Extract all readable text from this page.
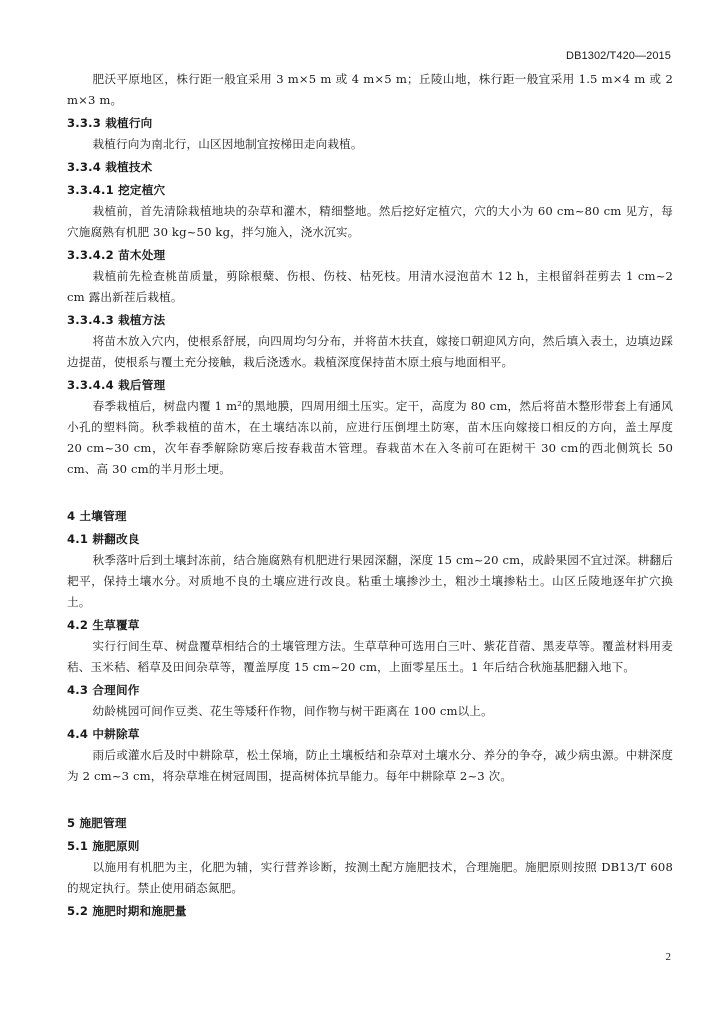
DB1302/T420—2015

肥沃平原地区，株行距一般宜采用 3 m×5 m 或 4 m×5 m；丘陵山地，株行距一般宜采用 1.5 m×4 m 或 2 m×3 m。

3.3.3 栽植行向

栽植行向为南北行，山区因地制宜按梯田走向栽植。

3.3.4 栽植技术
3.3.4.1 挖定植穴

栽植前，首先清除栽植地块的杂草和灌木，精细整地。然后挖好定植穴，穴的大小为 60 cm~80 cm 见方，每穴施腐熟有机肥 30 kg~50 kg，拌匀施入，浇水沉实。

3.3.4.2 苗木处理

栽植前先检查桃苗质量，剪除根蘖、伤根、伤枝、枯死枝。用清水浸泡苗木 12 h，主根留斜茬剪去 1 cm~2 cm 露出新茬后栽植。

3.3.4.3 栽植方法

将苗木放入穴内，使根系舒展，向四周均匀分布，并将苗木扶直，嫁接口朝迎风方向，然后填入表土，边填边踩边提苗，使根系与覆土充分接触，栽后浇透水。栽植深度保持苗木原土痕与地面相平。

3.3.4.4 栽后管理

春季栽植后，树盘内覆 1 m²的黑地膜，四周用细土压实。定干，高度为 80 cm，然后将苗木整形带套上有通风小孔的塑料筒。秋季栽植的苗木，在土壤结冻以前，应进行压倒埋土防寒，苗木压向嫁接口相反的方向，盖土厚度 20 cm~30 cm，次年春季解除防寒后按春栽苗木管理。春栽苗木在入冬前可在距树干 30 cm的西北侧筑长 50 cm、高 30 cm的半月形土埂。

4 土壤管理
4.1 耕翻改良

秋季落叶后到土壤封冻前，结合施腐熟有机肥进行果园深翻，深度 15 cm~20 cm，成龄果园不宜过深。耕翻后耙平，保持土壤水分。对质地不良的土壤应进行改良。粘重土壤掺沙土，粗沙土壤掺粘土。山区丘陵地逐年扩穴换土。

4.2 生草覆草

实行行间生草、树盘覆草相结合的土壤管理方法。生草草种可选用白三叶、紫花苜蓿、黑麦草等。覆盖材料用麦秸、玉米秸、稻草及田间杂草等，覆盖厚度 15 cm~20 cm，上面零星压土。1 年后结合秋施基肥翻入地下。

4.3 合理间作

幼龄桃园可间作豆类、花生等矮秆作物，间作物与树干距离在 100 cm以上。

4.4 中耕除草

雨后或灌水后及时中耕除草，松土保墒，防止土壤板结和杂草对土壤水分、养分的争夺，减少病虫源。中耕深度为 2 cm~3 cm，将杂草堆在树冠周围，提高树体抗旱能力。每年中耕除草 2~3 次。

5 施肥管理
5.1 施肥原则

以施用有机肥为主，化肥为辅，实行营养诊断，按测土配方施肥技术，合理施肥。施肥原则按照 DB13/T 608 的规定执行。禁止使用硝态氮肥。

5.2 施肥时期和施肥量
2
